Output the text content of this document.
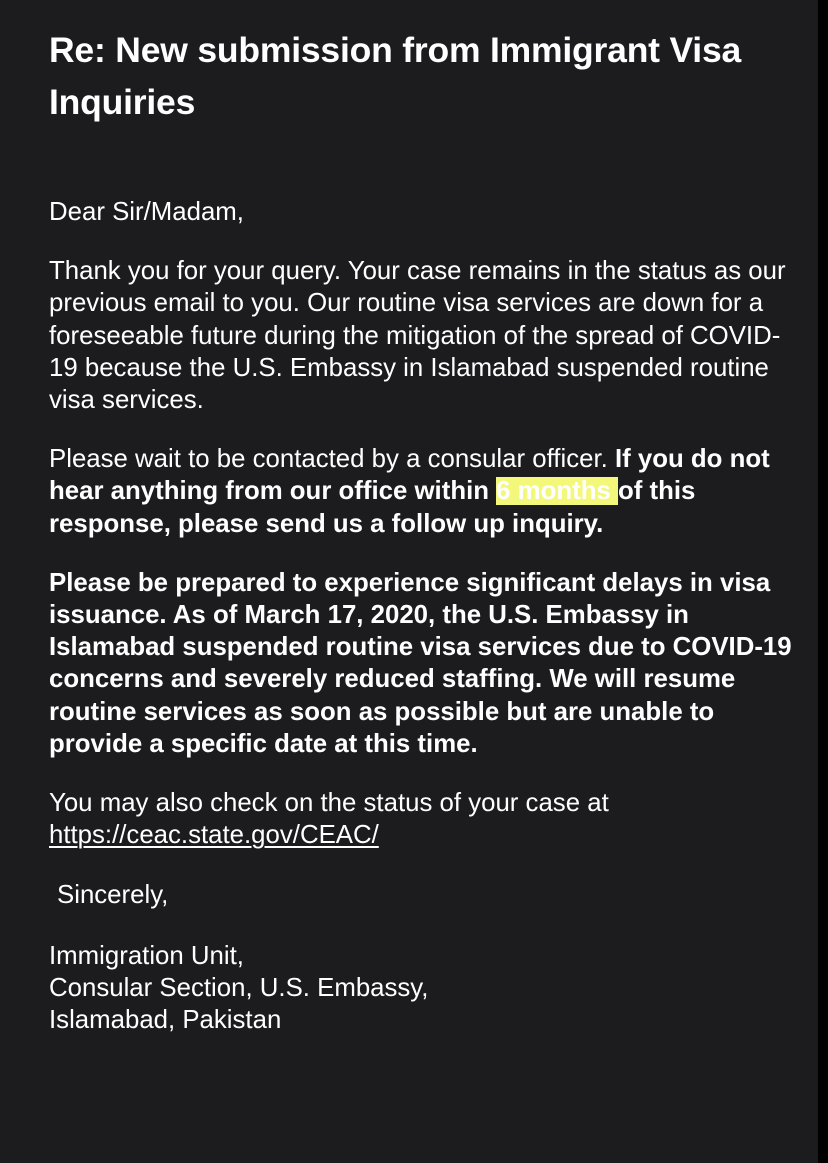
Re: New submission from Immigrant Visa Inquiries

Dear Sir/Madam,

Thank you for your query. Your case remains in the status as our previous email to you. Our routine visa services are down for a foreseeable future during the mitigation of the spread of COVID-19 because the U.S. Embassy in Islamabad suspended routine visa services.

Please wait to be contacted by a consular officer. If you do not hear anything from our office within 6 months of this response, please send us a follow up inquiry.

Please be prepared to experience significant delays in visa issuance. As of March 17, 2020, the U.S. Embassy in Islamabad suspended routine visa services due to COVID-19 concerns and severely reduced staffing. We will resume routine services as soon as possible but are unable to provide a specific date at this time.

You may also check on the status of your case at https://ceac.state.gov/CEAC/

Sincerely,

Immigration Unit,
Consular Section, U.S. Embassy,
Islamabad, Pakistan
